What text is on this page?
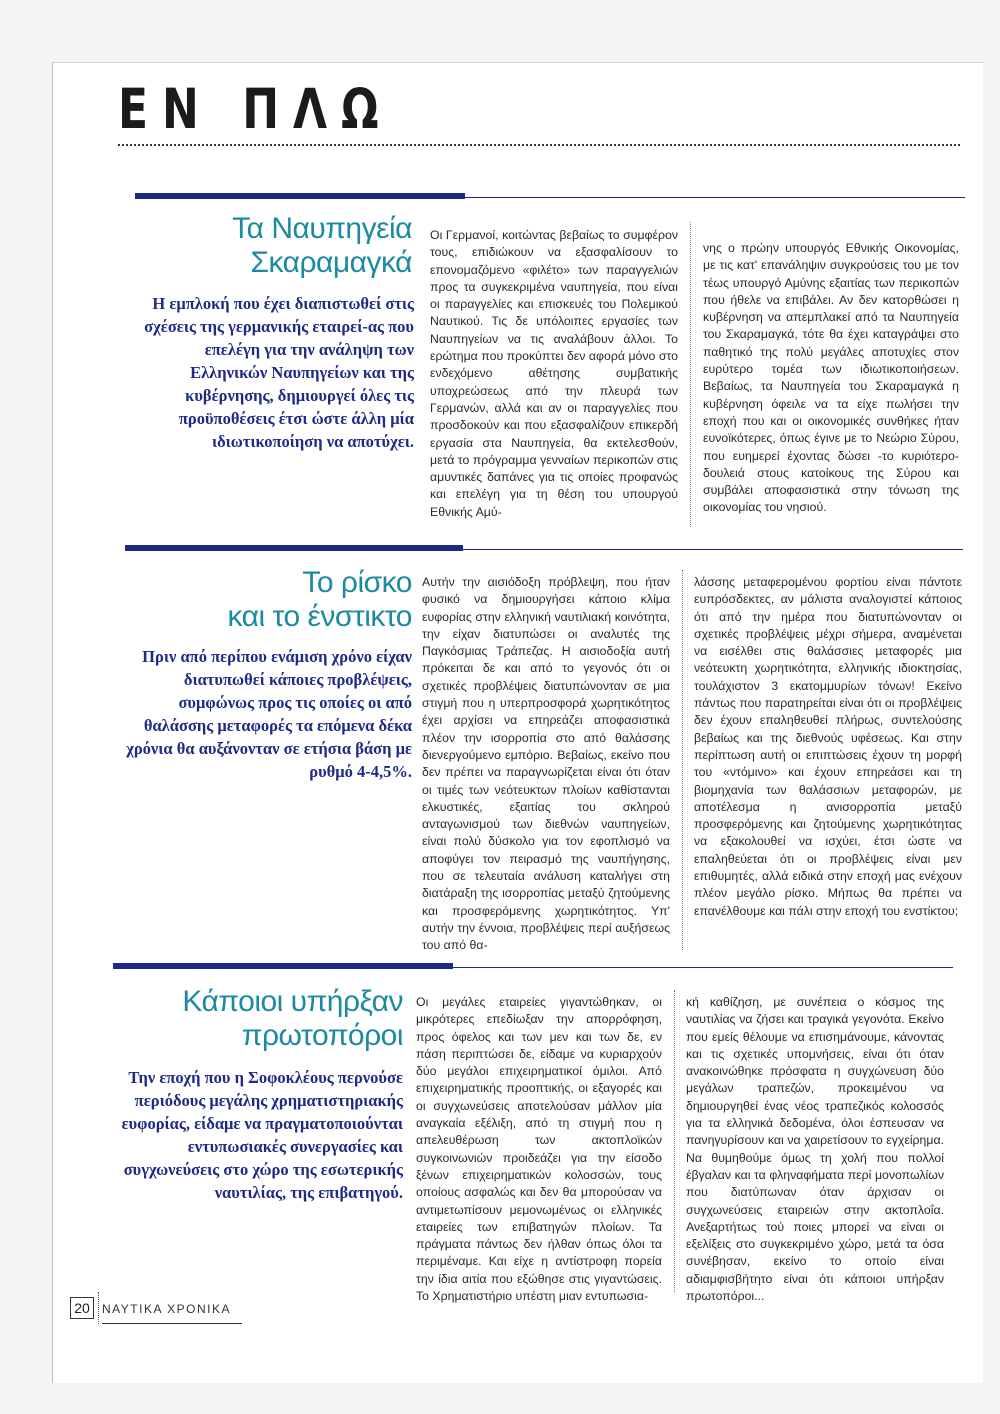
ΕΝ ΠΛΩ
Τα Ναυπηγεία
Σκαραμαγκά
Η εμπλοκή που έχει διαπιστωθεί στις σχέσεις της γερμανικής εταιρεί-ας που επελέγη για την ανάληψη των Ελληνικών Ναυπηγείων και της κυβέρνησης, δημιουργεί όλες τις προϋποθέσεις έτσι ώστε άλλη μία ιδιωτικοποίηση να αποτύχει.
Οι Γερμανοί, κοιτώντας βεβαίως το συμφέρον τους, επιδιώκουν να εξασφαλίσουν το επονομαζόμενο «φιλέτο» των παραγγελιών προς τα συγκεκριμένα ναυπηγεία, που είναι οι παραγγελίες και επισκευές του Πολεμικού Ναυτικού. Τις δε υπόλοιπες εργασίες των Ναυπηγείων να τις αναλάβουν άλλοι. Το ερώτημα που προκύπτει δεν αφορά μόνο στο ενδεχόμενο αθέτησης συμβατικής υποχρεώσεως από την πλευρά των Γερμανών, αλλά και αν οι παραγγελίες που προσδοκούν και που εξασφαλίζουν επικερδή εργασία στα Ναυπηγεία, θα εκτελεσθούν, μετά το πρόγραμμα γενναίων περικοπών στις αμυντικές δαπάνες για τις οποίες προφανώς και επελέγη για τη θέση του υπουργού Εθνικής Αμύ-
νης ο πρώην υπουργός Εθνικής Οικονομίας, με τις κατ' επανάληψιν συγκρούσεις του με τον τέως υπουργό Αμύνης εξαιτίας των περικοπών που ήθελε να επιβάλει. Αν δεν κατορθώσει η κυβέρνηση να απεμπλακεί από τα Ναυπηγεία του Σκαραμαγκά, τότε θα έχει καταγράψει στο παθητικό της πολύ μεγάλες αποτυχίες στον ευρύτερο τομέα των ιδιωτικοποιήσεων. Βεβαίως, τα Ναυπηγεία του Σκαραμαγκά η κυβέρνηση όφειλε να τα είχε πωλήσει την εποχή που και οι οικονομικές συνθήκες ήταν ευνοϊκότερες, όπως έγινε με το Νεώριο Σύρου, που ευημερεί έχοντας δώσει -το κυριότερο- δουλειά στους κατοίκους της Σύρου και συμβάλει αποφασιστικά στην τόνωση της οικονομίας του νησιού.
Το ρίσκο
και το ένστικτο
Πριν από περίπου ενάμιση χρόνο είχαν διατυπωθεί κάποιες προβλέψεις, συμφώνως προς τις οποίες οι από θαλάσσης μεταφορές τα επόμενα δέκα χρόνια θα αυξάνονταν σε ετήσια βάση με ρυθμό 4-4,5%.
Αυτήν την αισιόδοξη πρόβλεψη, που ήταν φυσικό να δημιουργήσει κάποιο κλίμα ευφορίας στην ελληνική ναυτιλιακή κοινότητα, την είχαν διατυπώσει οι αναλυτές της Παγκόσμιας Τράπεζας. Η αισιοδοξία αυτή πρόκειται δε και από το γεγονός ότι οι σχετικές προβλέψεις διατυπώνονταν σε μια στιγμή που η υπερπροσφορά χωρητικότητος έχει αρχίσει να επηρεάζει αποφασιστικά πλέον την ισορροπία στο από θαλάσσης διενεργούμενο εμπόριο. Βεβαίως, εκείνο που δεν πρέπει να παραγνωρίζεται είναι ότι όταν οι τιμές των νεότευκτων πλοίων καθίστανται ελκυστικές, εξαιτίας του σκληρού ανταγωνισμού των διεθνών ναυπηγείων, είναι πολύ δύσκολο για τον εφοπλισμό να αποφύγει τον πειρασμό της ναυπήγησης, που σε τελευταία ανάλυση καταλήγει στη διατάραξη της ισορροπίας μεταξύ ζητούμενης και προσφερόμενης χωρητικότητος. Υπ' αυτήν την έννοια, προβλέψεις περί αυξήσεως του από θα-
λάσσης μεταφερομένου φορτίου είναι πάντοτε ευπρόσδεκτες, αν μάλιστα αναλογιστεί κάποιος ότι από την ημέρα που διατυπώνονταν οι σχετικές προβλέψεις μέχρι σήμερα, αναμένεται να εισέλθει στις θαλάσσιες μεταφορές μια νεότευκτη χωρητικότητα, ελληνικής ιδιοκτησίας, τουλάχιστον 3 εκατομμυρίων τόνων! Εκείνο πάντως που παρατηρείται είναι ότι οι προβλέψεις δεν έχουν επαληθευθεί πλήρως, συντελούσης βεβαίως και της διεθνούς υφέσεως. Και στην περίπτωση αυτή οι επιπτώσεις έχουν τη μορφή του «ντόμινο» και έχουν επηρεάσει και τη βιομηχανία των θαλάσσιων μεταφορών, με αποτέλεσμα η ανισορροπία μεταξύ προσφερόμενης και ζητούμενης χωρητικότητας να εξακολουθεί να ισχύει, έτσι ώστε να επαληθεύεται ότι οι προβλέψεις είναι μεν επιθυμητές, αλλά ειδικά στην εποχή μας ενέχουν πλέον μεγάλο ρίσκο. Μήπως θα πρέπει να επανέλθουμε και πάλι στην εποχή του ενστίκτου;
Κάποιοι υπήρξαν
πρωτοπόροι
Την εποχή που η Σοφοκλέους περνούσε περιόδους μεγάλης χρηματιστηριακής ευφορίας, είδαμε να πραγματοποιούνται εντυπωσιακές συνεργασίες και συγχωνεύσεις στο χώρο της εσωτερικής ναυτιλίας, της επιβατηγού.
Οι μεγάλες εταιρείες γιγαντώθηκαν, οι μικρότερες επεδίωξαν την απορρόφηση, προς όφελος και των μεν και των δε, εν πάση περιπτώσει δε, είδαμε να κυριαρχούν δύο μεγάλοι επιχειρηματικοί όμιλοι. Από επιχειρηματικής προοπτικής, οι εξαγορές και οι συγχωνεύσεις αποτελούσαν μάλλον μία αναγκαία εξέλιξη, από τη στιγμή που η απελευθέρωση των ακτοπλοϊκών συγκοινωνιών προιδεάζει για την είσοδο ξένων επιχειρηματικών κολοσσών, τους οποίους ασφαλώς και δεν θα μπορούσαν να αντιμετωπίσουν μεμονωμένως οι ελληνικές εταιρείες των επιβατηγών πλοίων. Τα πράγματα πάντως δεν ήλθαν όπως όλοι τα περιμέναμε. Και είχε η αντίστροφη πορεία την ίδια αιτία που εξώθησε στις γιγαντώσεις. Το Χρηματιστήριο υπέστη μιαν εντυπωσια-
κή καθίζηση, με συνέπεια ο κόσμος της ναυτιλίας να ζήσει και τραγικά γεγονότα. Εκείνο που εμείς θέλουμε να επισημάνουμε, κάνοντας και τις σχετικές υπομνήσεις, είναι ότι όταν ανακοινώθηκε πρόσφατα η συγχώνευση δύο μεγάλων τραπεζών, προκειμένου να δημιουργηθεί ένας νέος τραπεζικός κολοσσός για τα ελληνικά δεδομένα, όλοι έσπευσαν να πανηγυρίσουν και να χαιρετίσουν το εγχείρημα. Να θυμηθούμε όμως τη χολή που πολλοί έβγαλαν και τα φληναφήματα περί μονοπωλίων που διατύπωναν όταν άρχισαν οι συγχωνεύσεις εταιρειών στην ακτοπλοΐα. Ανεξαρτήτως τού ποιες μπορεί να είναι οι εξελίξεις στο συγκεκριμένο χώρο, μετά τα όσα συνέβησαν, εκείνο το οποίο είναι αδιαμφισβήτητο είναι ότι κάποιοι υπήρξαν πρωτοπόροι...
20	ΝΑΥΤΙΚΑ ΧΡΟΝΙΚΑ
